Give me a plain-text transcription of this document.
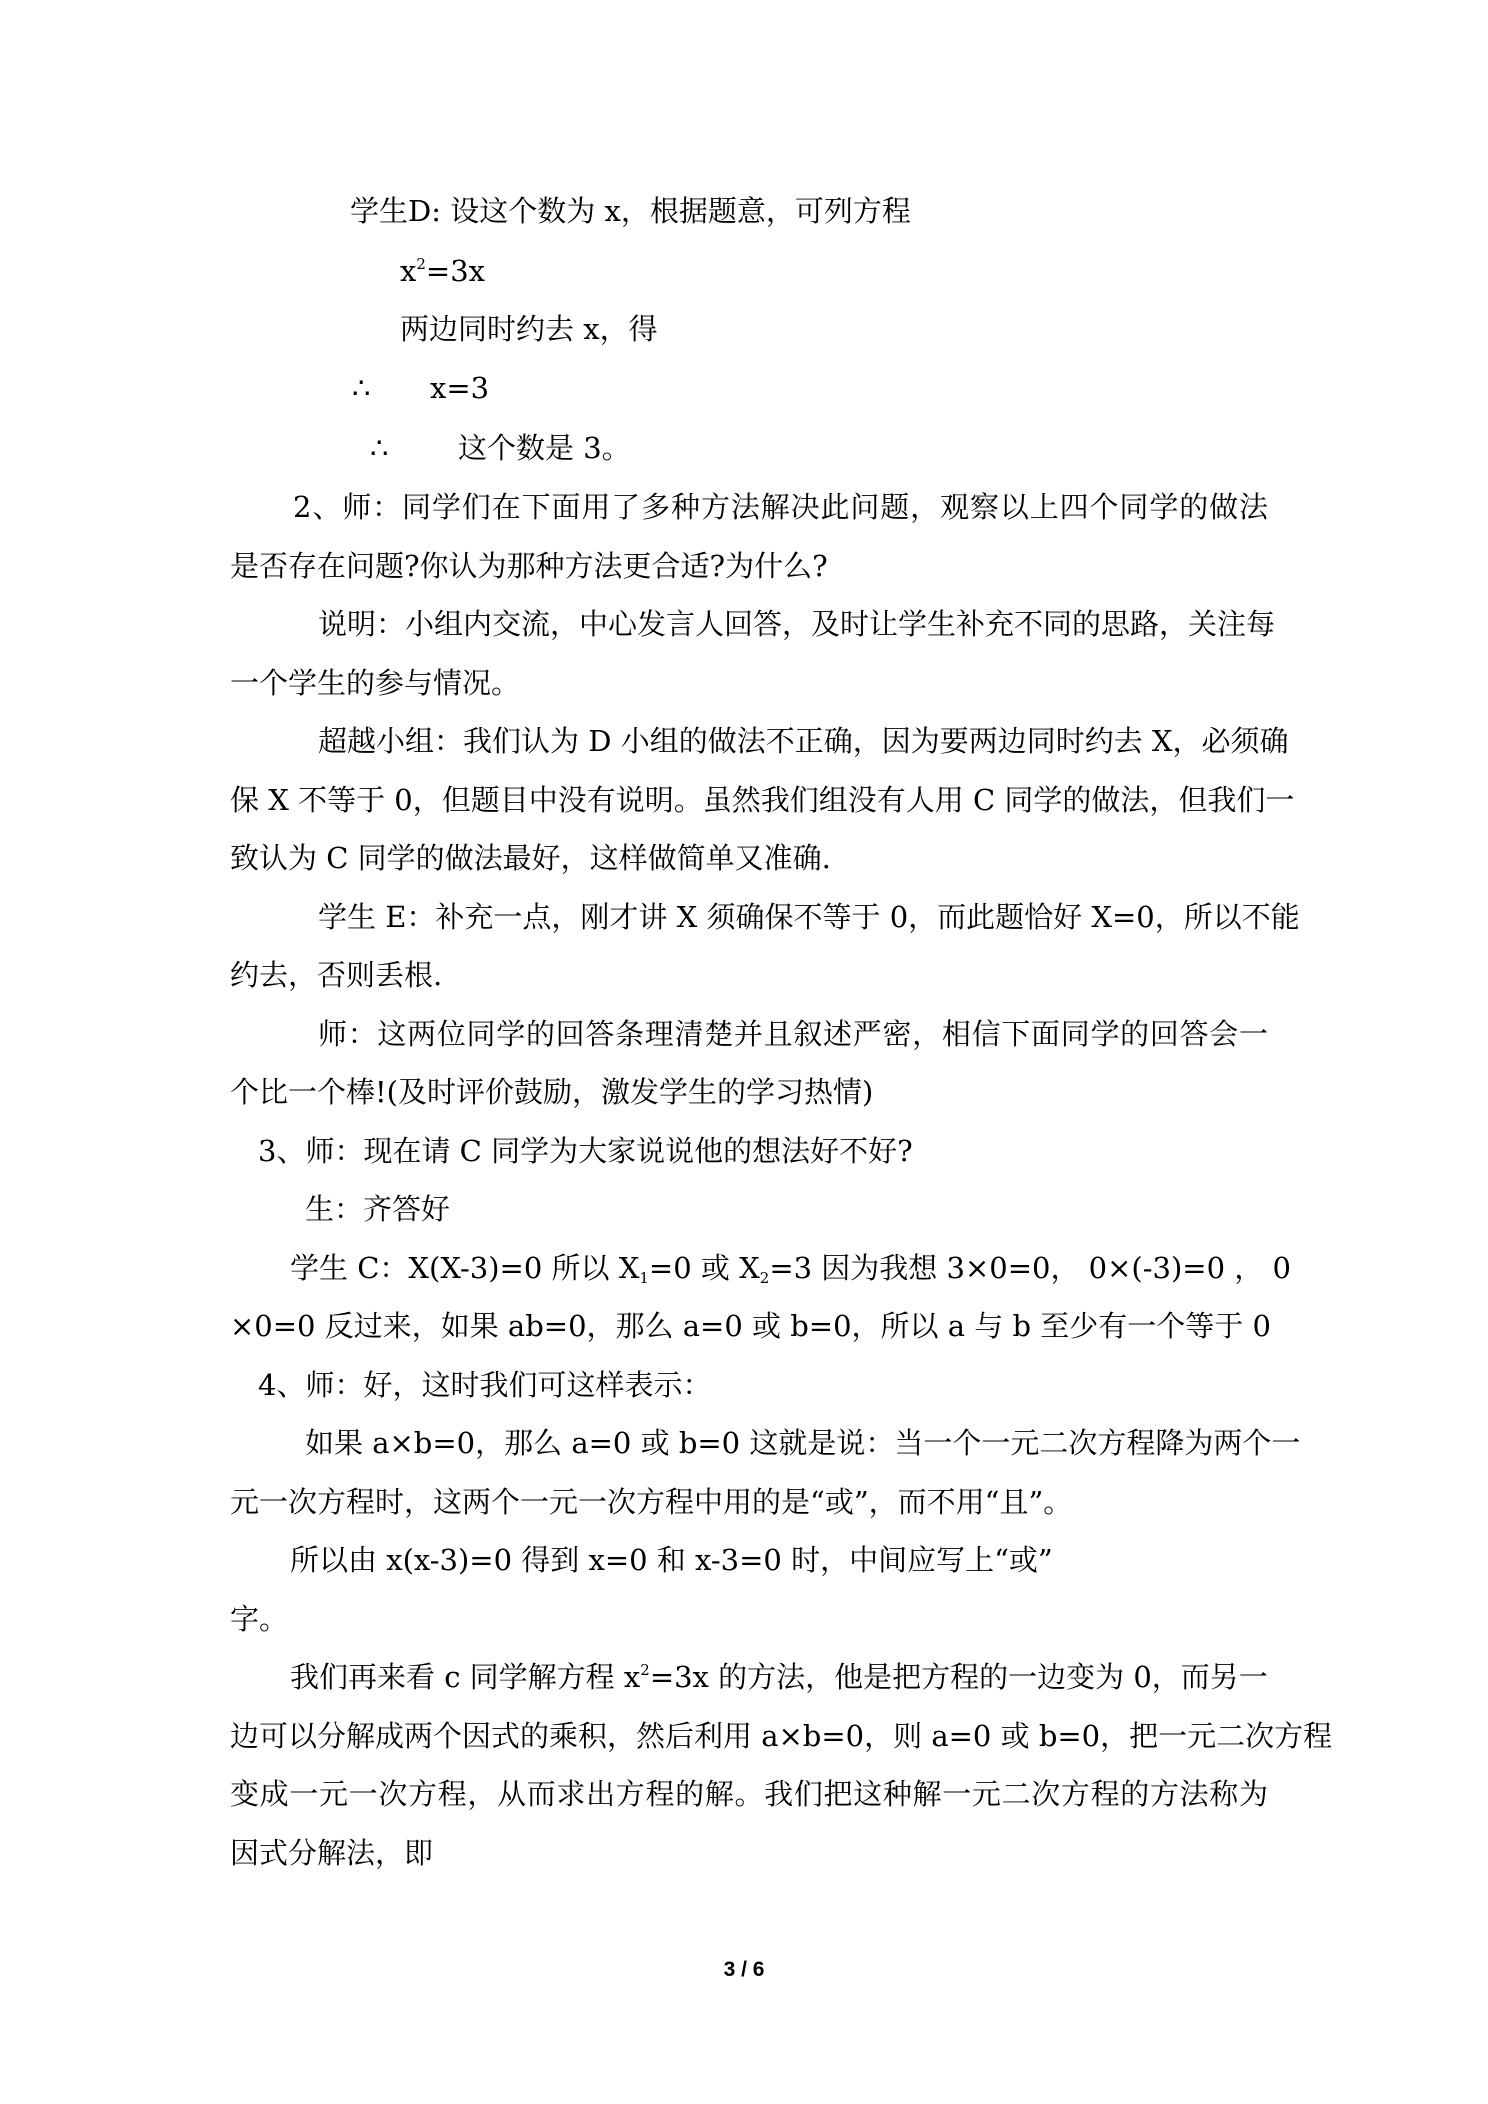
学生D: 设这个数为 x，根据题意，可列方程
$x^2=3x$
两边同时约去 x，得
∴ x=3
∴ 这个数是 3。
2、师：同学们在下面用了多种方法解决此问题，观察以上四个同学的做法
是否存在问题?你认为那种方法更合适?为什么?
说明：小组内交流，中心发言人回答，及时让学生补充不同的思路，关注每
一个学生的参与情况。
超越小组：我们认为 D 小组的做法不正确，因为要两边同时约去 X，必须确
保 X 不等于 0，但题目中没有说明。虽然我们组没有人用 C 同学的做法，但我们一
致认为 C 同学的做法最好，这样做简单又准确.
学生 E：补充一点，刚才讲 X 须确保不等于 0，而此题恰好 X=0，所以不能
约去，否则丢根.
师：这两位同学的回答条理清楚并且叙述严密，相信下面同学的回答会一
个比一个棒!(及时评价鼓励，激发学生的学习热情)
3、师：现在请 C 同学为大家说说他的想法好不好?
生：齐答好
学生 C：X(X-3)=0 所以 $X_1=0$ 或 $X_2=3$ 因为我想 3×0=0， 0×(-3)=0 ， 0
×0=0 反过来，如果 ab=0，那么 a=0 或 b=0，所以 a 与 b 至少有一个等于 0
4、师：好，这时我们可这样表示：
如果 a×b=0，那么 a=0 或 b=0 这就是说：当一个一元二次方程降为两个一
元一次方程时，这两个一元一次方程中用的是“或”，而不用“且”。
所以由 x(x-3)=0 得到 x=0 和 x-3=0 时，中间应写上“或”
字。
我们再来看 c 同学解方程 $x^2=3x$ 的方法，他是把方程的一边变为 0，而另一
边可以分解成两个因式的乘积，然后利用 a×b=0，则 a=0 或 b=0，把一元二次方程
变成一元一次方程，从而求出方程的解。我们把这种解一元二次方程的方法称为
因式分解法，即
3 / 6
